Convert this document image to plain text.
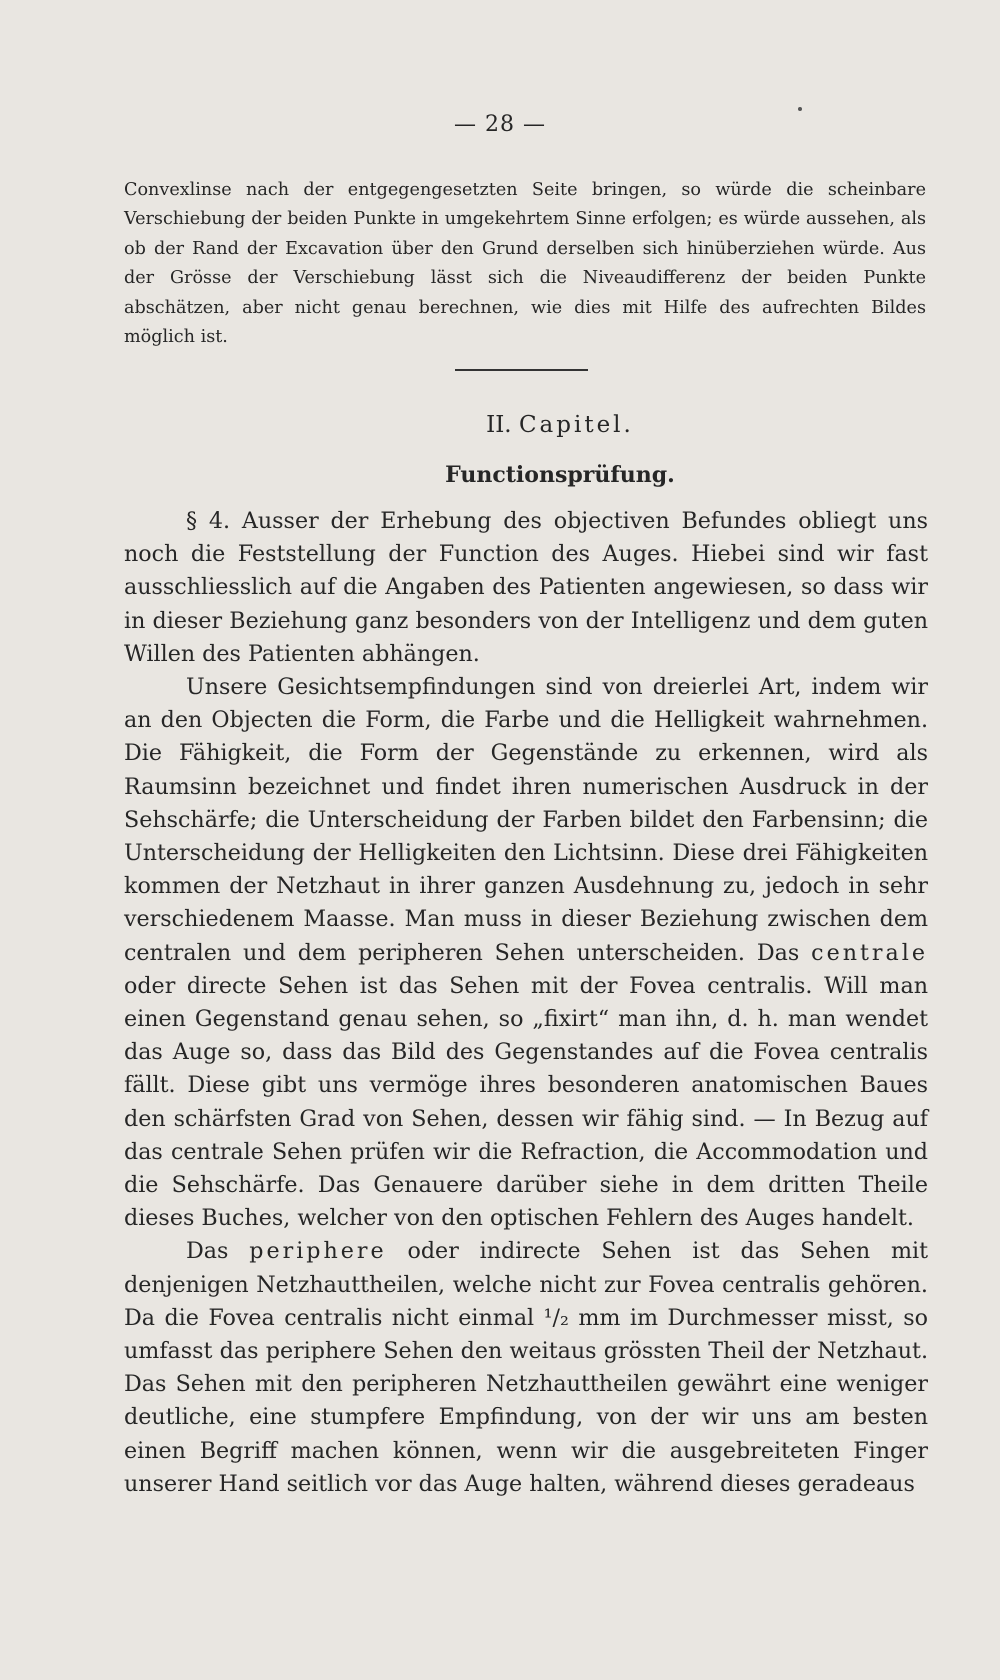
— 28 —

Convexlinse nach der entgegengesetzten Seite bringen, so würde die scheinbare Verschiebung der beiden Punkte in umgekehrtem Sinne erfolgen; es würde aussehen, als ob der Rand der Excavation über den Grund derselben sich hinüberziehen würde. Aus der Grösse der Verschiebung lässt sich die Niveaudifferenz der beiden Punkte abschätzen, aber nicht genau berechnen, wie dies mit Hilfe des aufrechten Bildes möglich ist.

II. Capitel.
Functionsprüfung.

§ 4. Ausser der Erhebung des objectiven Befundes obliegt uns noch die Feststellung der Function des Auges. Hiebei sind wir fast ausschliesslich auf die Angaben des Patienten angewiesen, so dass wir in dieser Beziehung ganz besonders von der Intelligenz und dem guten Willen des Patienten abhängen.

Unsere Gesichtsempfindungen sind von dreierlei Art, indem wir an den Objecten die Form, die Farbe und die Helligkeit wahrnehmen. Die Fähigkeit, die Form der Gegenstände zu erkennen, wird als Raumsinn bezeichnet und findet ihren numerischen Ausdruck in der Sehschärfe; die Unterscheidung der Farben bildet den Farbensinn; die Unterscheidung der Helligkeiten den Lichtsinn. Diese drei Fähigkeiten kommen der Netzhaut in ihrer ganzen Ausdehnung zu, jedoch in sehr verschiedenem Maasse. Man muss in dieser Beziehung zwischen dem centralen und dem peripheren Sehen unterscheiden. Das centrale oder directe Sehen ist das Sehen mit der Fovea centralis. Will man einen Gegenstand genau sehen, so „fixirt“ man ihn, d. h. man wendet das Auge so, dass das Bild des Gegenstandes auf die Fovea centralis fällt. Diese gibt uns vermöge ihres besonderen anatomischen Baues den schärfsten Grad von Sehen, dessen wir fähig sind. — In Bezug auf das centrale Sehen prüfen wir die Refraction, die Accommodation und die Sehschärfe. Das Genauere darüber siehe in dem dritten Theile dieses Buches, welcher von den optischen Fehlern des Auges handelt.

Das periphere oder indirecte Sehen ist das Sehen mit denjenigen Netzhauttheilen, welche nicht zur Fovea centralis gehören. Da die Fovea centralis nicht einmal ¹/₂ mm im Durchmesser misst, so umfasst das periphere Sehen den weitaus grössten Theil der Netzhaut. Das Sehen mit den peripheren Netzhauttheilen gewährt eine weniger deutliche, eine stumpfere Empfindung, von der wir uns am besten einen Begriff machen können, wenn wir die ausgebreiteten Finger unserer Hand seitlich vor das Auge halten, während dieses geradeaus
